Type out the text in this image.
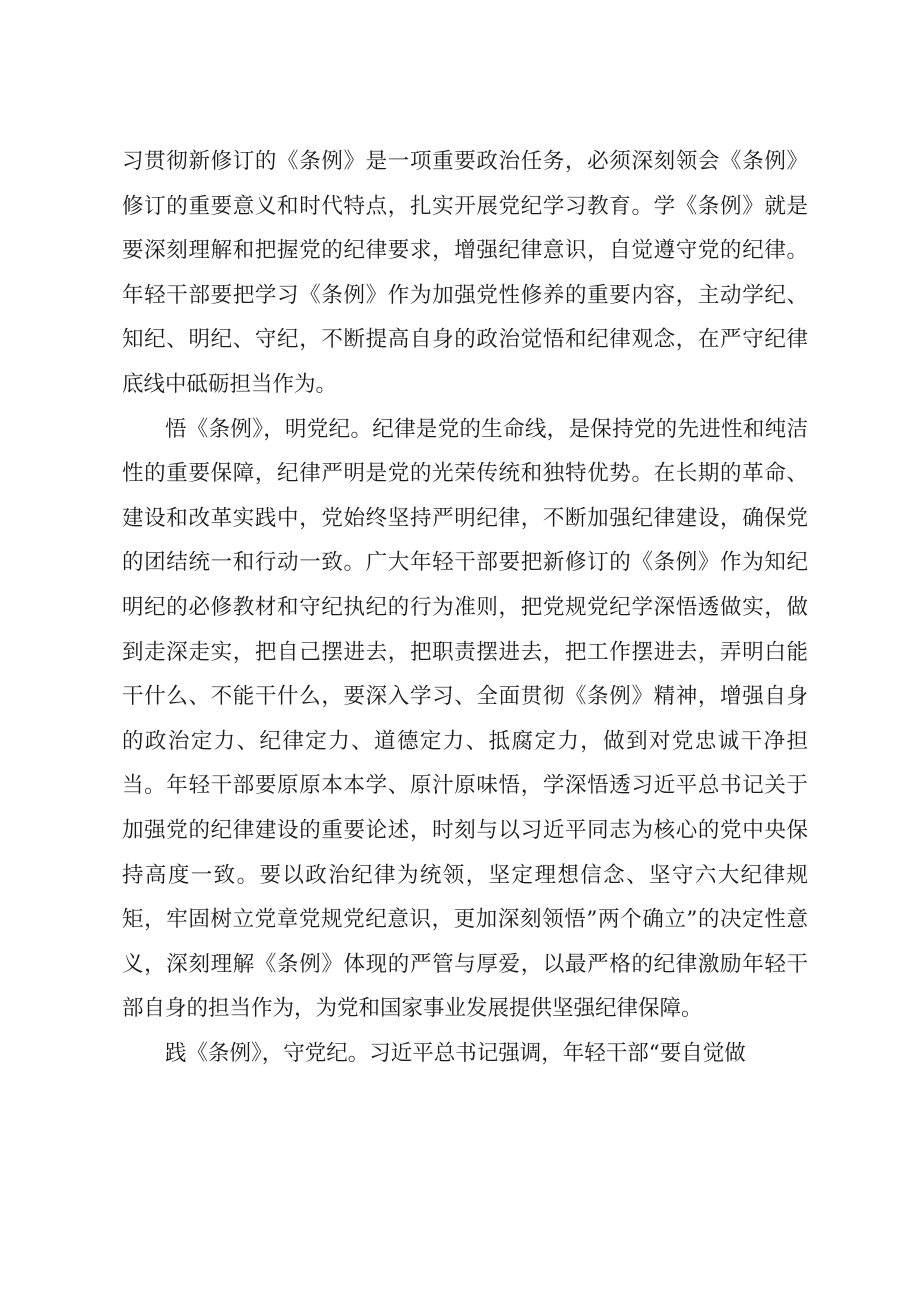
习贯彻新修订的《条例》是一项重要政治任务，必须深刻领会《条例》修订的重要意义和时代特点，扎实开展党纪学习教育。学《条例》就是要深刻理解和把握党的纪律要求，增强纪律意识，自觉遵守党的纪律。年轻干部要把学习《条例》作为加强党性修养的重要内容，主动学纪、知纪、明纪、守纪，不断提高自身的政治觉悟和纪律观念，在严守纪律底线中砥砺担当作为。

悟《条例》，明党纪。纪律是党的生命线，是保持党的先进性和纯洁性的重要保障，纪律严明是党的光荣传统和独特优势。在长期的革命、建设和改革实践中，党始终坚持严明纪律，不断加强纪律建设，确保党的团结统一和行动一致。广大年轻干部要把新修订的《条例》作为知纪明纪的必修教材和守纪执纪的行为准则，把党规党纪学深悟透做实，做到走深走实，把自己摆进去，把职责摆进去，把工作摆进去，弄明白能干什么、不能干什么，要深入学习、全面贯彻《条例》精神，增强自身的政治定力、纪律定力、道德定力、抵腐定力，做到对党忠诚干净担当。年轻干部要原原本本学、原汁原味悟，学深悟透习近平总书记关于加强党的纪律建设的重要论述，时刻与以习近平同志为核心的党中央保持高度一致。要以政治纪律为统领，坚定理想信念、坚守六大纪律规矩，牢固树立党章党规党纪意识，更加深刻领悟”两个确立”的决定性意义，深刻理解《条例》体现的严管与厚爱，以最严格的纪律激励年轻干部自身的担当作为，为党和国家事业发展提供坚强纪律保障。

践《条例》，守党纪。习近平总书记强调，年轻干部“要自觉做
